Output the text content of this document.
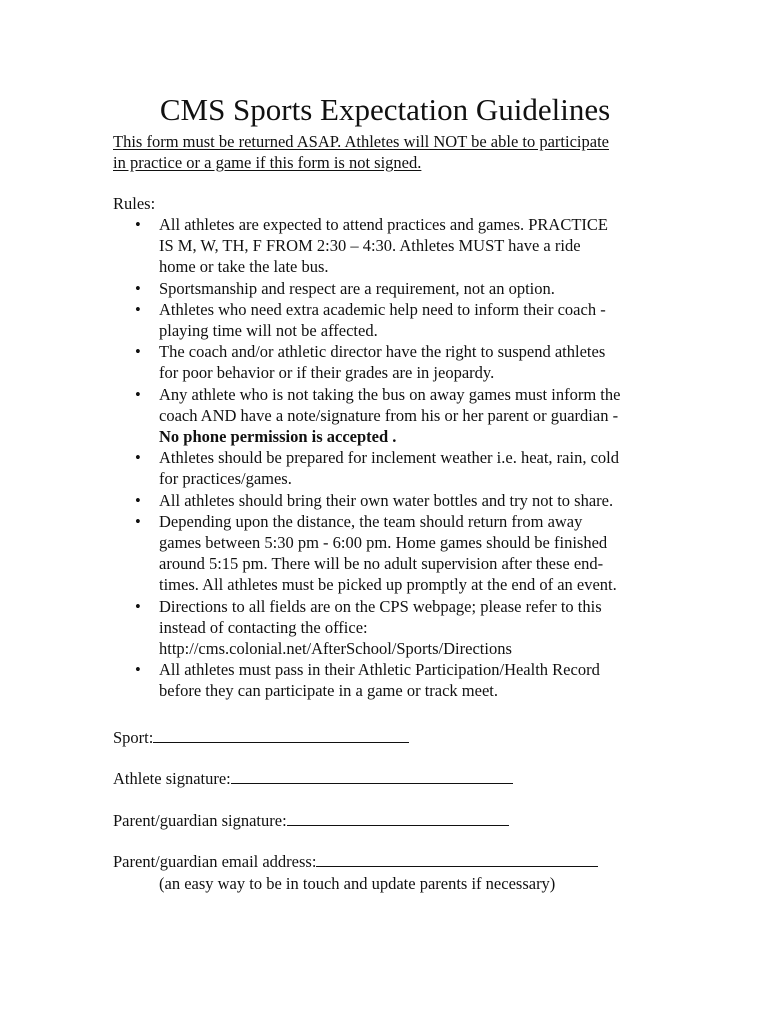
CMS Sports Expectation Guidelines
This form must be returned ASAP. Athletes will NOT be able to participate
in practice or a game if this form is not signed.
Rules:
• All athletes are expected to attend practices and games. PRACTICE
IS M, W, TH, F FROM 2:30 – 4:30. Athletes MUST have a ride
home or take the late bus.
• Sportsmanship and respect are a requirement, not an option.
• Athletes who need extra academic help need to inform their coach -
playing time will not be affected.
• The coach and/or athletic director have the right to suspend athletes
for poor behavior or if their grades are in jeopardy.
• Any athlete who is not taking the bus on away games must inform the
coach AND have a note/signature from his or her parent or guardian -
No phone permission is accepted .
• Athletes should be prepared for inclement weather i.e. heat, rain, cold
for practices/games.
• All athletes should bring their own water bottles and try not to share.
• Depending upon the distance, the team should return from away
games between 5:30 pm - 6:00 pm. Home games should be finished
around 5:15 pm. There will be no adult supervision after these end-
times. All athletes must be picked up promptly at the end of an event.
• Directions to all fields are on the CPS webpage; please refer to this
instead of contacting the office:
http://cms.colonial.net/AfterSchool/Sports/Directions
• All athletes must pass in their Athletic Participation/Health Record
before they can participate in a game or track meet.
Sport:
Athlete signature:
Parent/guardian signature:
Parent/guardian email address:
(an easy way to be in touch and update parents if necessary)
